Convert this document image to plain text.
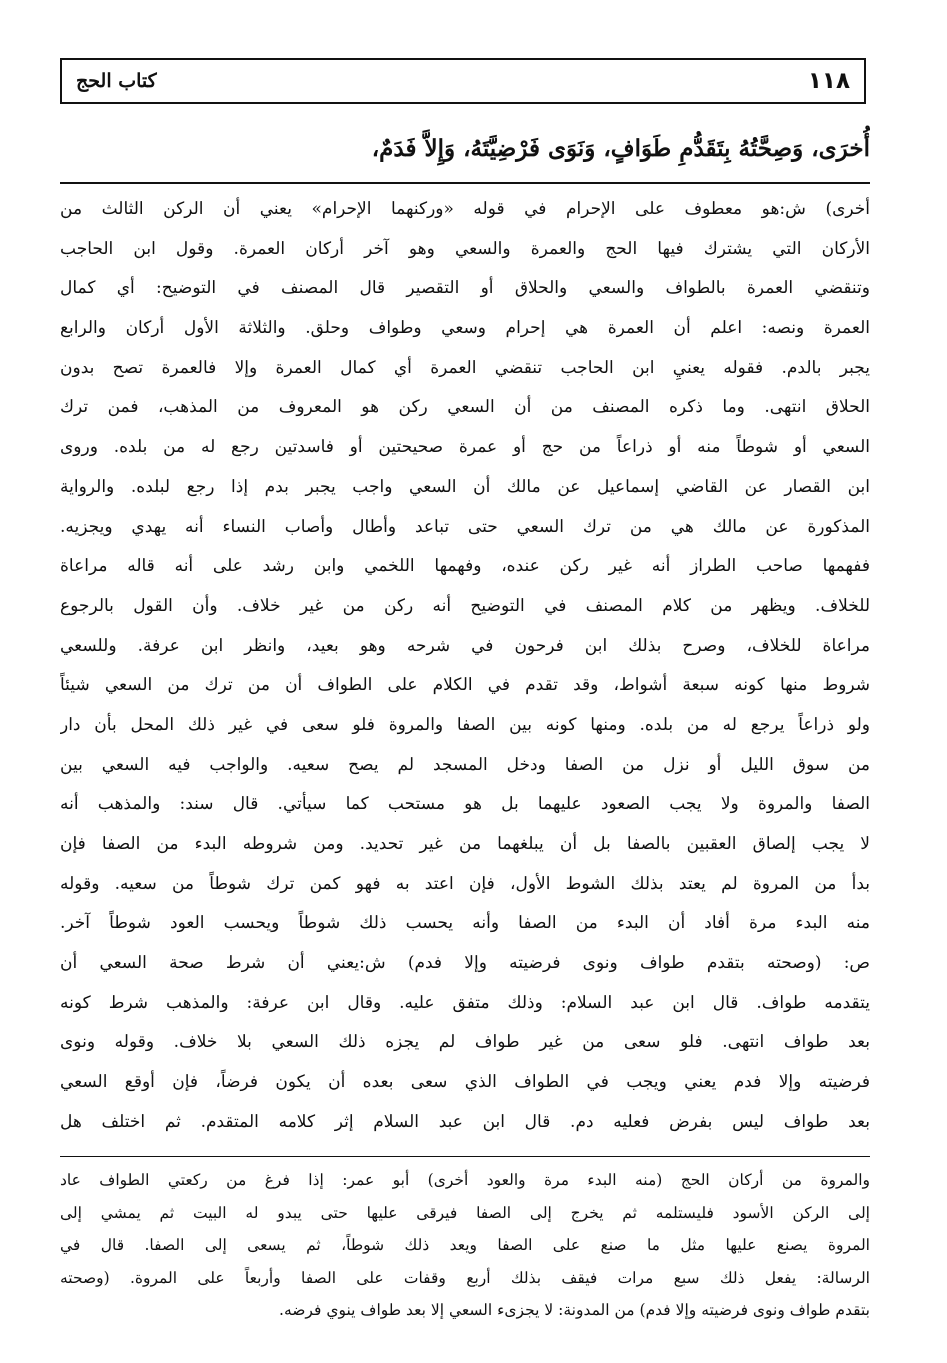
١١٨
كتاب الحج
أُخرَى، وَصِحَّتُهُ بِتَقَدُّمِ طَوَافٍ، وَنَوَى فَرْضِيَّتَهُ، وَإِلاَّ فَدَمٌ،
أخرى) ش:هو معطوف على الإحرام في قوله «وركنهما الإحرام» يعني أن الركن الثالث من
الأركان التي يشترك فيها الحج والعمرة والسعي وهو آخر أركان العمرة. وقول ابن الحاجب
وتنقضي العمرة بالطواف والسعي والحلاق أو التقصير قال المصنف في التوضيح: أي كمال
العمرة ونصه: اعلم أن العمرة هي إحرام وسعي وطواف وحلق. والثلاثة الأول أركان والرابع
يجبر بالدم. فقوله يعنيِ ابن الحاجب تنقضي العمرة أي كمال العمرة وإلا فالعمرة تصح بدون
الحلاق انتهى. وما ذكره المصنف من أن السعي ركن هو المعروف من المذهب، فمن ترك
السعي أو شوطاً منه أو ذراعاً من حج أو عمرة صحيحتين أو فاسدتين رجع له من بلده. وروى
ابن القصار عن القاضي إسماعيل عن مالك أن السعي واجب يجبر بدم إذا رجع لبلده. والرواية
المذكورة عن مالك هي من ترك السعي حتى تباعد وأطال وأصاب النساء أنه يهدي ويجزيه.
ففهمها صاحب الطراز أنه غير ركن عنده، وفهمها اللخمي وابن رشد على أنه قاله مراعاة
للخلاف. ويظهر من كلام المصنف في التوضيح أنه ركن من غير خلاف. وأن القول بالرجوع
مراعاة للخلاف، وصرح بذلك ابن فرحون في شرحه وهو بعيد، وانظر ابن عرفة. وللسعي
شروط منها كونه سبعة أشواط، وقد تقدم في الكلام على الطواف أن من ترك من السعي شيئاً
ولو ذراعاً يرجع له من بلده. ومنها كونه بين الصفا والمروة فلو سعى في غير ذلك المحل بأن دار
من سوق الليل أو نزل من الصفا ودخل المسجد لم يصح سعيه. والواجب فيه السعي بين
الصفا والمروة ولا يجب الصعود عليهما بل هو مستحب كما سيأتي. قال سند: والمذهب أنه
لا يجب إلصاق العقبين بالصفا بل أن يبلغهما من غير تحديد. ومن شروطه البدء من الصفا فإن
بدأ من المروة لم يعتد بذلك الشوط الأول، فإن اعتد به فهو كمن ترك شوطاً من سعيه. وقوله
منه البدء مرة أفاد أن البدء من الصفا وأنه يحسب ذلك شوطاً ويحسب العود شوطاً آخر.
ص: (وصحته بتقدم طواف ونوى فرضيته وإلا فدم) ش:يعني أن شرط صحة السعي أن
يتقدمه طواف. قال ابن عبد السلام: وذلك متفق عليه. وقال ابن عرفة: والمذهب شرط كونه
بعد طواف انتهى. فلو سعى من غير طواف لم يجزه ذلك السعي بلا خلاف. وقوله ونوى
فرضيته وإلا فدم يعني ويجب في الطواف الذي سعى بعده أن يكون فرضاً، فإن أوقع السعي
بعد طواف ليس بفرض فعليه دم. قال ابن عبد السلام إثر كلامه المتقدم. ثم اختلف هل
والمروة من أركان الحج (منه البدء مرة والعود أخرى) أبو عمر: إذا فرغ من ركعتي الطواف عاد
إلى الركن الأسود فليستلمه ثم يخرج إلى الصفا فيرقى عليها حتى يبدو له البيت ثم يمشي إلى
المروة يصنع عليها مثل ما صنع على الصفا ويعد ذلك شوطاً، ثم يسعى إلى الصفا. قال في
الرسالة: يفعل ذلك سبع مرات فيقف بذلك أربع وقفات على الصفا وأربعاً على المروة. (وصحته
بتقدم طواف ونوى فرضيته وإلا فدم) من المدونة: لا يجزىء السعي إلا بعد طواف ينوي فرضه.
